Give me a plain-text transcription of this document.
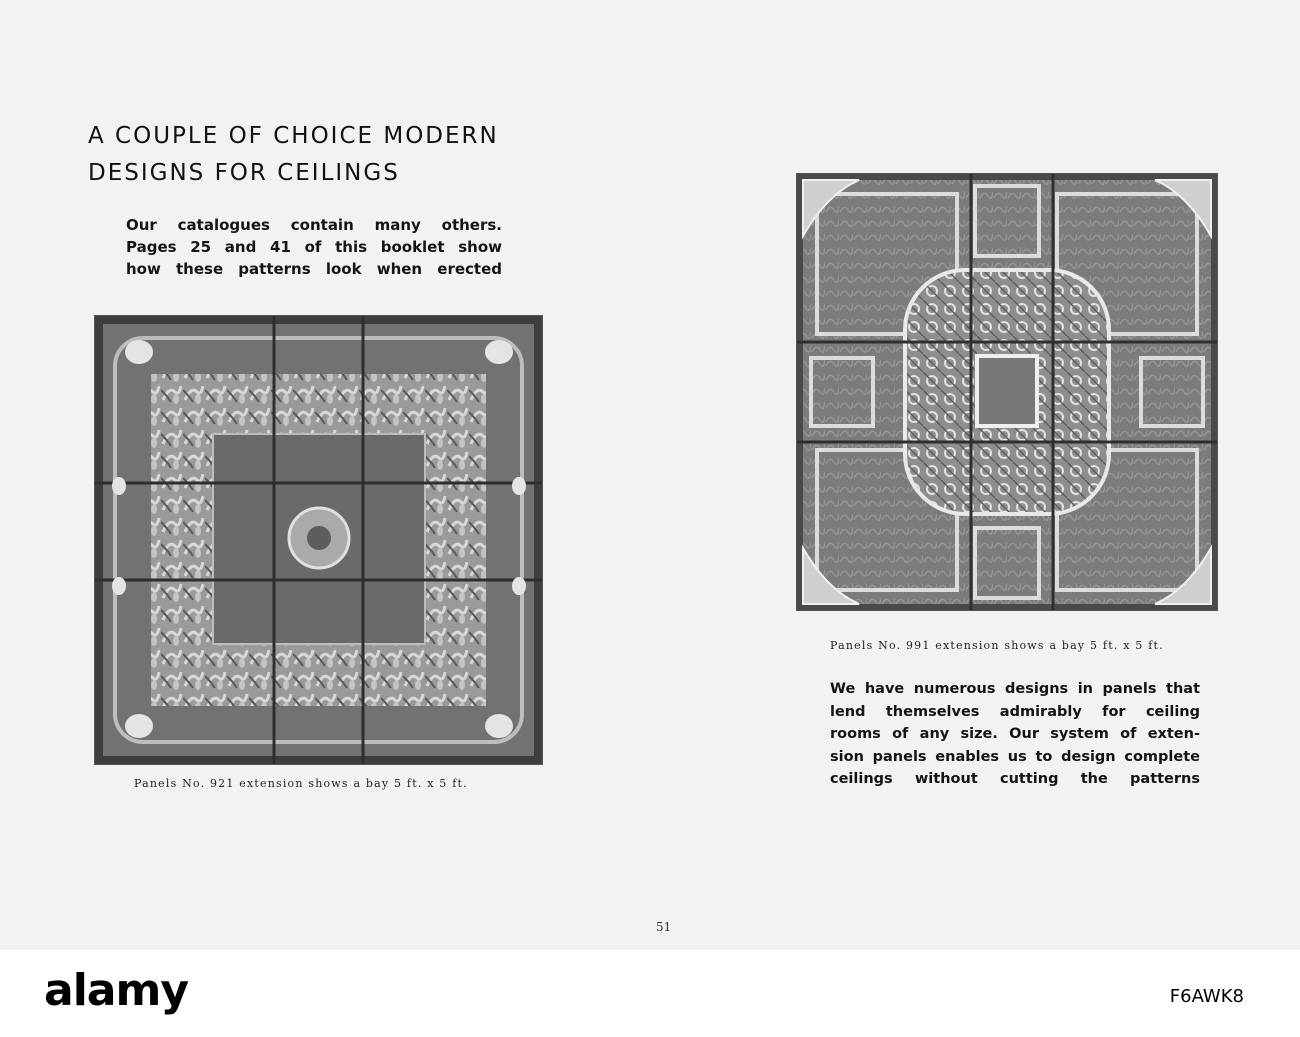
A COUPLE OF CHOICE MODERN
DESIGNS FOR CEILINGS
Our catalogues contain many others.
Pages 25 and 41 of this booklet show
how these patterns look when erected
Panels No. 921 extension shows a bay 5 ft. x 5 ft.
Panels No. 991 extension shows a bay 5 ft. x 5 ft.
We have numerous designs in panels that
lend themselves admirably for ceiling
rooms of any size. Our system of exten-
sion panels enables us to design complete
ceilings without cutting the patterns
51
alamy	F6AWK8
